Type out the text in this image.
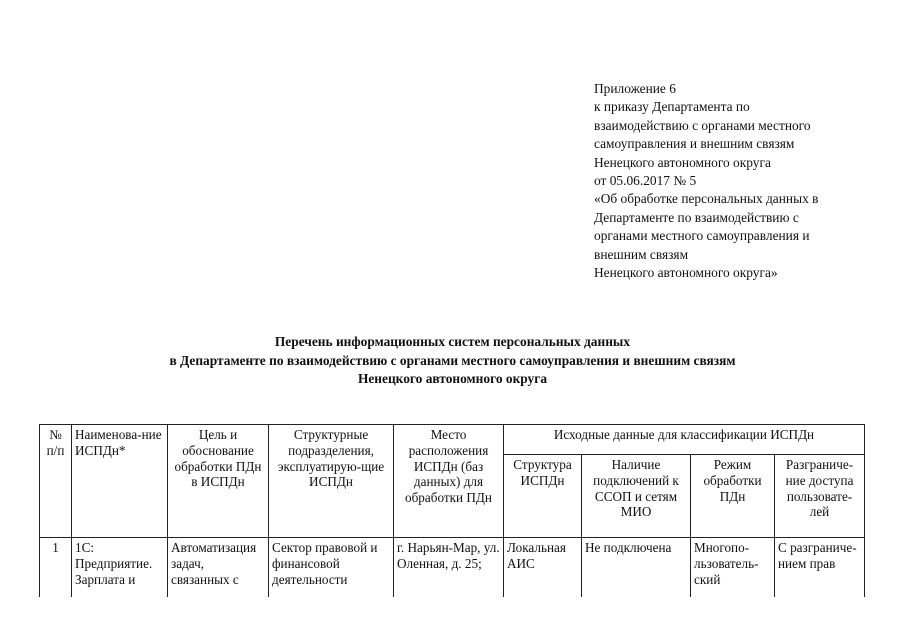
Приложение 6
к приказу Департамента по
взаимодействию с органами местного
самоуправления и внешним связям
Ненецкого автономного округа
от 05.06.2017 № 5
«Об обработке персональных данных в
Департаменте по взаимодействию с
органами местного самоуправления и
внешним связям
Ненецкого автономного округа»
Перечень информационных систем персональных данных
в Департаменте по взаимодействию с органами местного самоуправления и внешним связям
Ненецкого автономного округа
№ п/п	Наименова-ние ИСПДн*	Цель и обоснование обработки ПДн в ИСПДн	Структурные подразделения, эксплуатирую-щие ИСПДн	Место расположения ИСПДн (баз данных) для обработки ПДн	Исходные данные для классификации ИСПДн			
					Структура ИСПДн	Наличие подключений к ССОП и сетям МИО	Режим обработки ПДн	Разграниче-ние доступа пользовате-лей
1	1С: Предприятие. Зарплата и	Автоматизация задач, связанных с	Сектор правовой и финансовой деятельности	г. Нарьян-Мар, ул. Оленная, д. 25;	Локальная АИС	Не подключена	Многопо-льзователь-ский	С разграниче-нием прав
